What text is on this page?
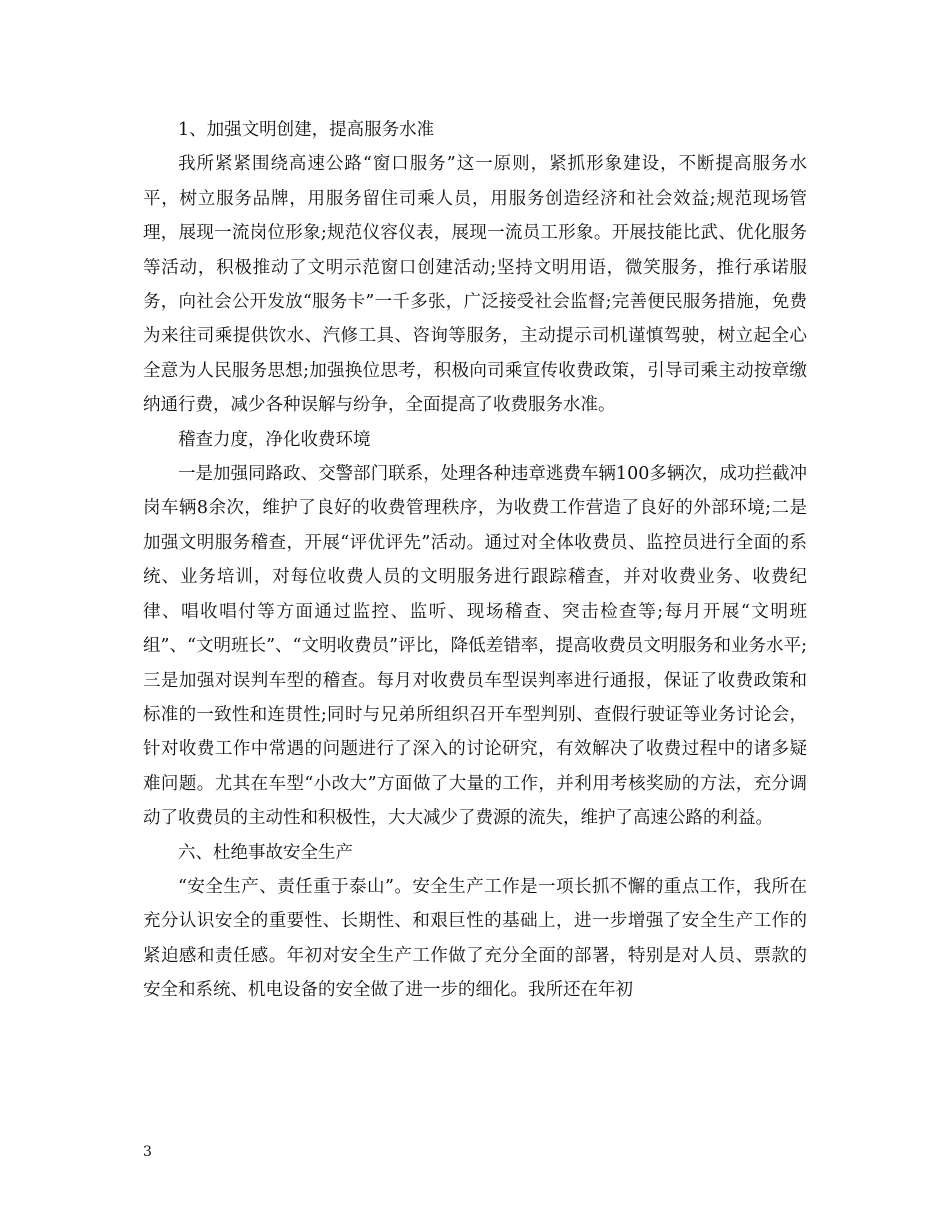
1、加强文明创建，提高服务水准

我所紧紧围绕高速公路“窗口服务”这一原则，紧抓形象建设，不断提高服务水平，树立服务品牌，用服务留住司乘人员，用服务创造经济和社会效益;规范现场管理，展现一流岗位形象;规范仪容仪表，展现一流员工形象。开展技能比武、优化服务等活动，积极推动了文明示范窗口创建活动;坚持文明用语，微笑服务，推行承诺服务，向社会公开发放“服务卡”一千多张，广泛接受社会监督;完善便民服务措施，免费为来往司乘提供饮水、汽修工具、咨询等服务，主动提示司机谨慎驾驶，树立起全心全意为人民服务思想;加强换位思考，积极向司乘宣传收费政策，引导司乘主动按章缴纳通行费，减少各种误解与纷争，全面提高了收费服务水准。

稽查力度，净化收费环境

一是加强同路政、交警部门联系，处理各种违章逃费车辆100多辆次，成功拦截冲岗车辆8余次，维护了良好的收费管理秩序，为收费工作营造了良好的外部环境;二是加强文明服务稽查，开展“评优评先”活动。通过对全体收费员、监控员进行全面的系统、业务培训，对每位收费人员的文明服务进行跟踪稽查，并对收费业务、收费纪律、唱收唱付等方面通过监控、监听、现场稽查、突击检查等;每月开展“文明班组”、“文明班长”、“文明收费员”评比，降低差错率，提高收费员文明服务和业务水平;三是加强对误判车型的稽查。每月对收费员车型误判率进行通报，保证了收费政策和标准的一致性和连贯性;同时与兄弟所组织召开车型判别、查假行驶证等业务讨论会，针对收费工作中常遇的问题进行了深入的讨论研究，有效解决了收费过程中的诸多疑难问题。尤其在车型“小改大”方面做了大量的工作，并利用考核奖励的方法，充分调动了收费员的主动性和积极性，大大减少了费源的流失，维护了高速公路的利益。

六、杜绝事故安全生产

“安全生产、责任重于泰山”。安全生产工作是一项长抓不懈的重点工作，我所在充分认识安全的重要性、长期性、和艰巨性的基础上，进一步增强了安全生产工作的紧迫感和责任感。年初对安全生产工作做了充分全面的部署，特别是对人员、票款的安全和系统、机电设备的安全做了进一步的细化。我所还在年初

3
